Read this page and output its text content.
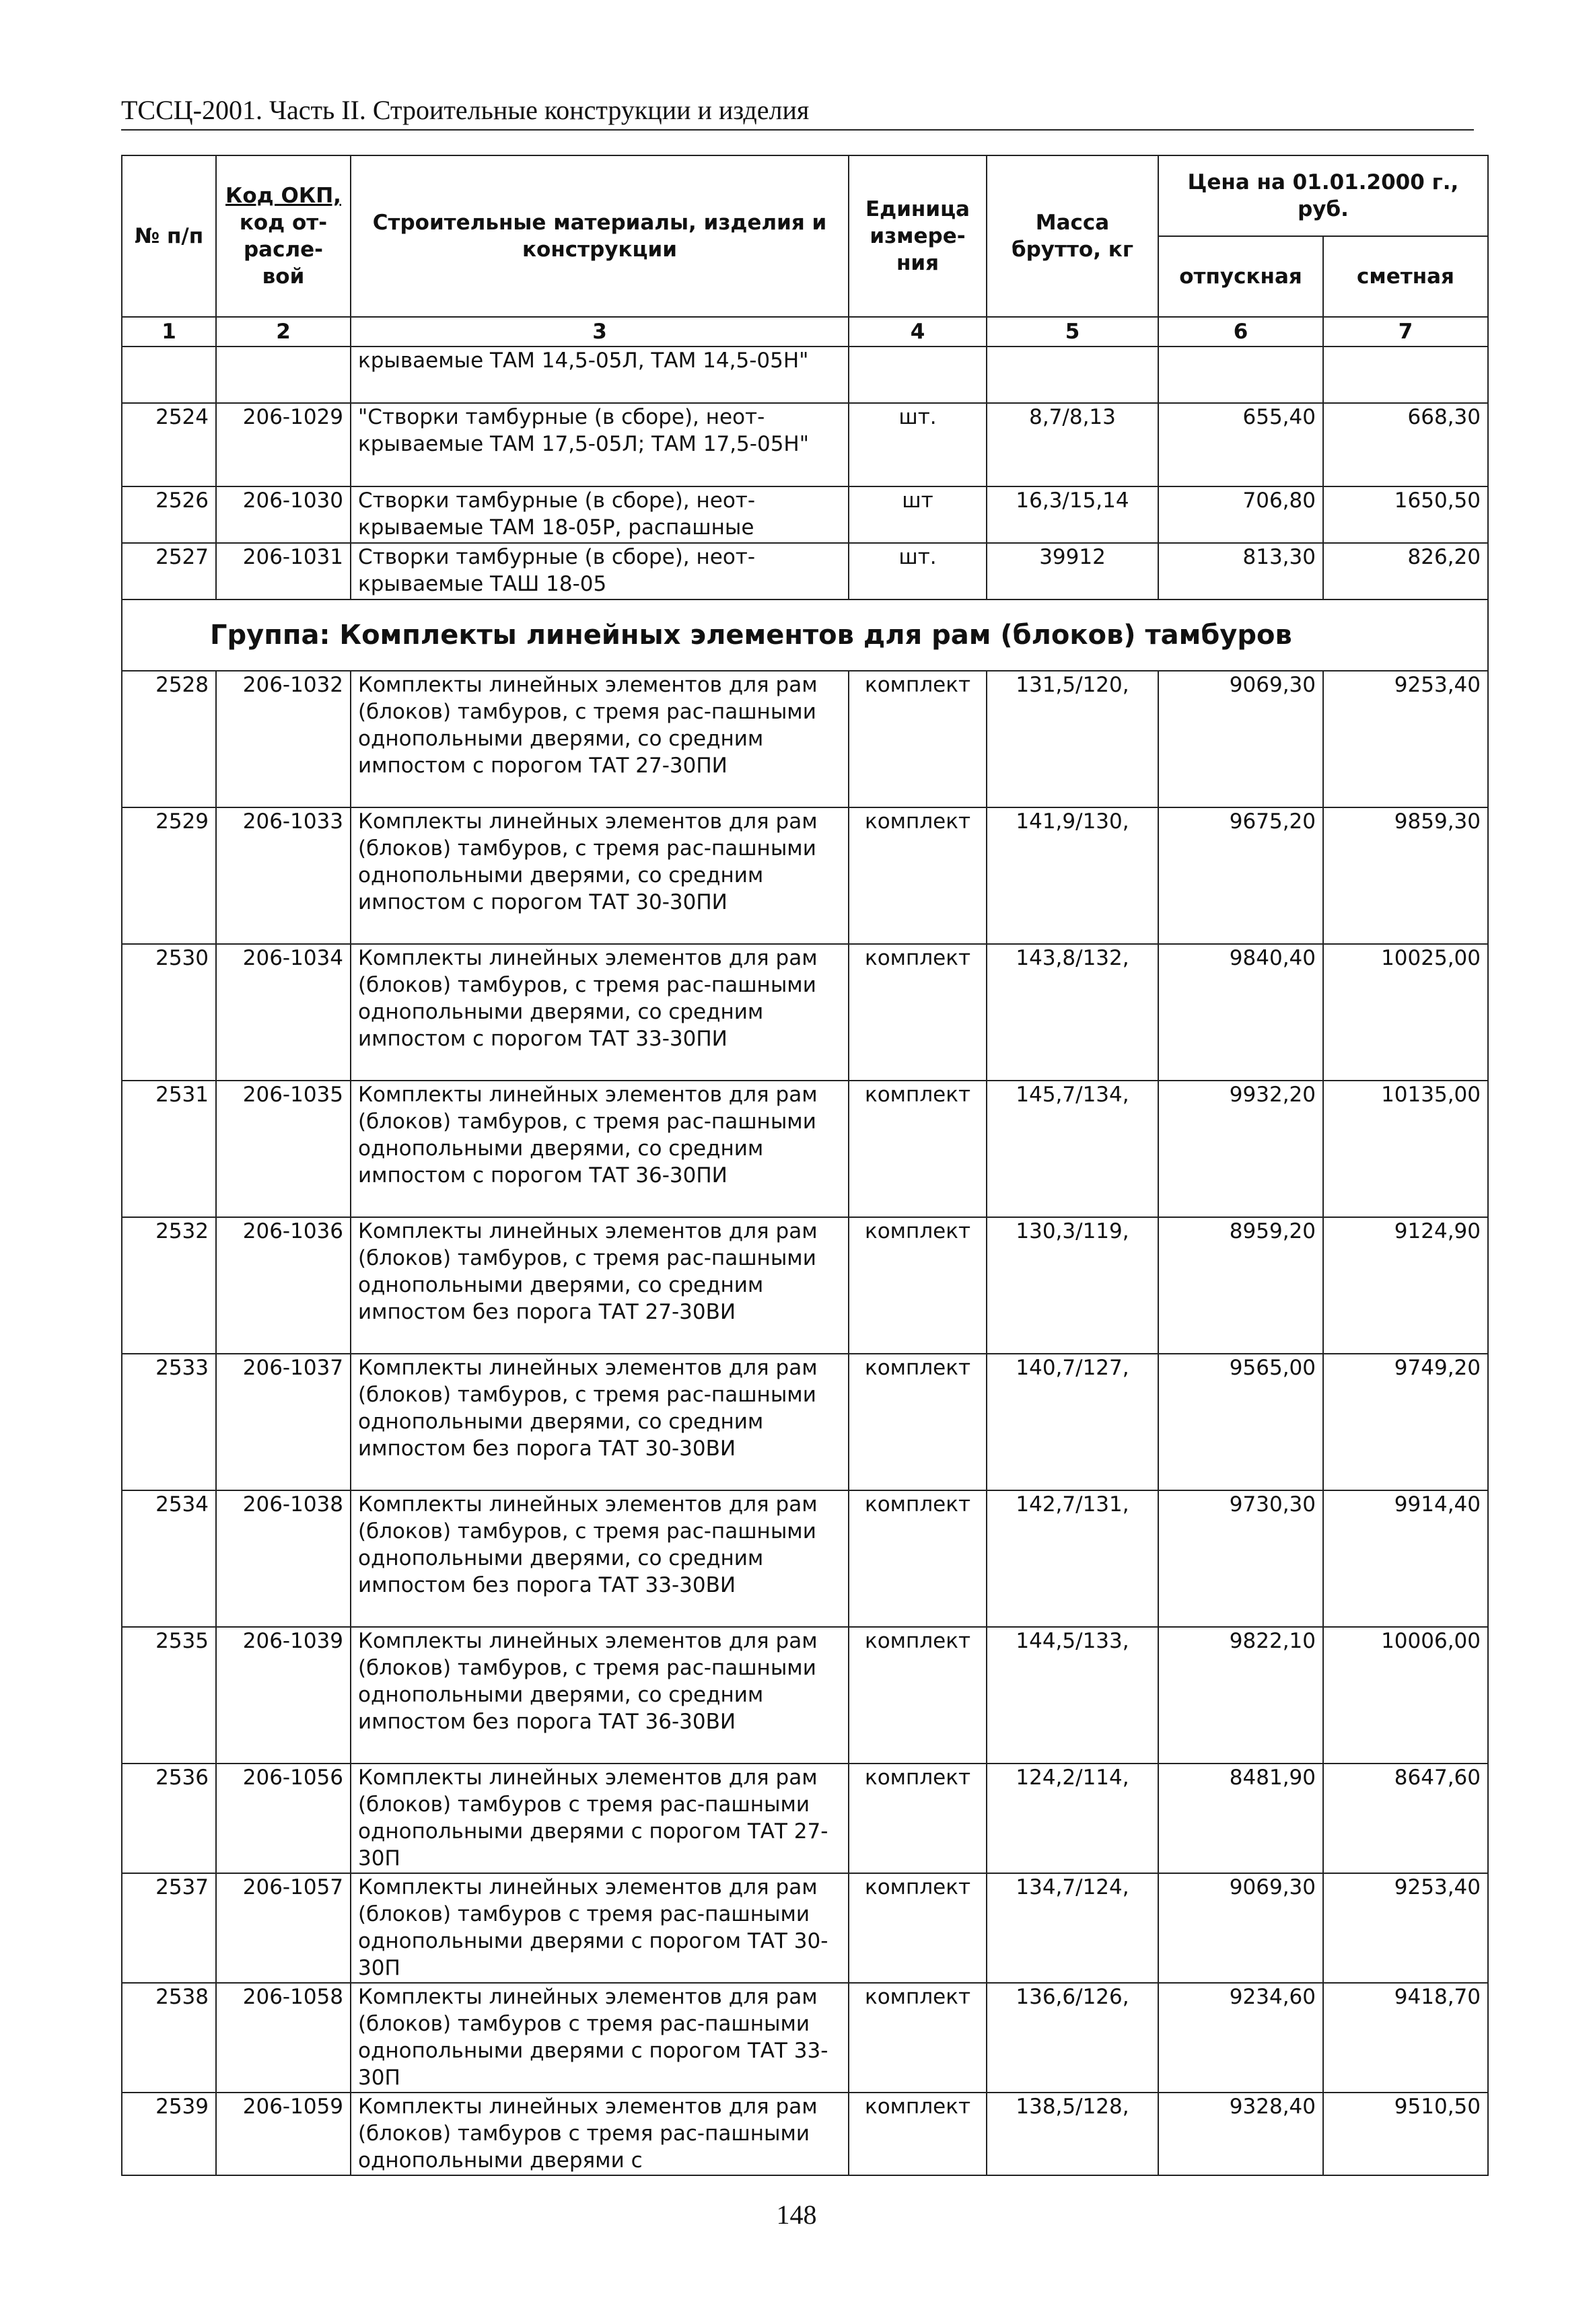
ТССЦ-2001. Часть II. Строительные конструкции и изделия
№ п/п	Код ОКП, код от- расле- вой	Строительные материалы, изделия и конструкции	Единица измере- ния	Масса брутто, кг	Цена на 01.01.2000 г., руб.	
					отпускная	сметная
1	2	3	4	5	6	7
		крываемые ТАМ 14,5-05Л, ТАМ 14,5-05Н"				
2524	206-1029	"Створки тамбурные (в сборе), неот-крываемые ТАМ 17,5-05Л; ТАМ 17,5-05Н"	шт.	8,7/8,13	655,40	668,30
2526	206-1030	Створки тамбурные (в сборе), неот-крываемые ТАМ 18-05Р, распашные	шт	16,3/15,14	706,80	1650,50
2527	206-1031	Створки тамбурные (в сборе), неот-крываемые ТАШ 18-05	шт.	39912	813,30	826,20
Группа: Комплекты линейных элементов для рам (блоков) тамбуров						
2528	206-1032	Комплекты линейных элементов для рам (блоков) тамбуров, с тремя рас-пашными однопольными дверями, со средним импостом с порогом ТАТ 27-30ПИ	комплект	131,5/120,	9069,30	9253,40
2529	206-1033	Комплекты линейных элементов для рам (блоков) тамбуров, с тремя рас-пашными однопольными дверями, со средним импостом с порогом ТАТ 30-30ПИ	комплект	141,9/130,	9675,20	9859,30
2530	206-1034	Комплекты линейных элементов для рам (блоков) тамбуров, с тремя рас-пашными однопольными дверями, со средним импостом с порогом ТАТ 33-30ПИ	комплект	143,8/132,	9840,40	10025,00
2531	206-1035	Комплекты линейных элементов для рам (блоков) тамбуров, с тремя рас-пашными однопольными дверями, со средним импостом с порогом ТАТ 36-30ПИ	комплект	145,7/134,	9932,20	10135,00
2532	206-1036	Комплекты линейных элементов для рам (блоков) тамбуров, с тремя рас-пашными однопольными дверями, со средним импостом без порога ТАТ 27-30ВИ	комплект	130,3/119,	8959,20	9124,90
2533	206-1037	Комплекты линейных элементов для рам (блоков) тамбуров, с тремя рас-пашными однопольными дверями, со средним импостом без порога ТАТ 30-30ВИ	комплект	140,7/127,	9565,00	9749,20
2534	206-1038	Комплекты линейных элементов для рам (блоков) тамбуров, с тремя рас-пашными однопольными дверями, со средним импостом без порога ТАТ 33-30ВИ	комплект	142,7/131,	9730,30	9914,40
2535	206-1039	Комплекты линейных элементов для рам (блоков) тамбуров, с тремя рас-пашными однопольными дверями, со средним импостом без порога ТАТ 36-30ВИ	комплект	144,5/133,	9822,10	10006,00
2536	206-1056	Комплекты линейных элементов для рам (блоков) тамбуров с тремя рас-пашными однопольными дверями с порогом ТАТ 27-30П	комплект	124,2/114,	8481,90	8647,60
2537	206-1057	Комплекты линейных элементов для рам (блоков) тамбуров с тремя рас-пашными однопольными дверями с порогом ТАТ 30-30П	комплект	134,7/124,	9069,30	9253,40
2538	206-1058	Комплекты линейных элементов для рам (блоков) тамбуров с тремя рас-пашными однопольными дверями с порогом ТАТ 33-30П	комплект	136,6/126,	9234,60	9418,70
2539	206-1059	Комплекты линейных элементов для рам (блоков) тамбуров с тремя рас-пашными однопольными дверями с	комплект	138,5/128,	9328,40	9510,50
148
